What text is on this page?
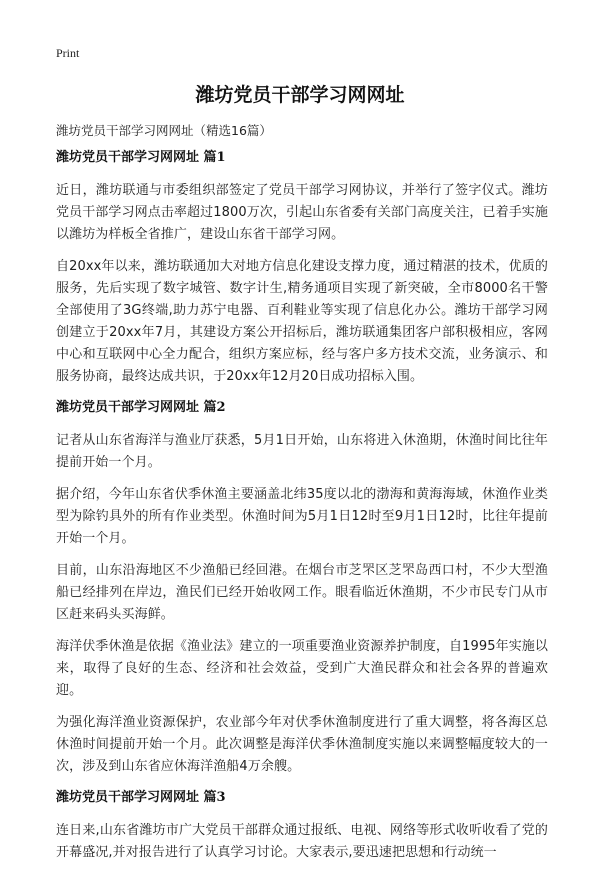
Print
潍坊党员干部学习网网址
潍坊党员干部学习网网址（精选16篇）
潍坊党员干部学习网网址 篇1

近日，潍坊联通与市委组织部签定了党员干部学习网协议，并举行了签字仪式。潍坊党员干部学习网点击率超过1800万次，引起山东省委有关部门高度关注，已着手实施以潍坊为样板全省推广，建设山东省干部学习网。

自20xx年以来，潍坊联通加大对地方信息化建设支撑力度，通过精湛的技术，优质的服务，先后实现了数字城管、数字计生,精务通项目实现了新突破，全市8000名干警全部使用了3G终端,助力苏宁电器、百利鞋业等实现了信息化办公。潍坊干部学习网创建立于20xx年7月，其建设方案公开招标后，潍坊联通集团客户部积极相应，客网中心和互联网中心全力配合，组织方案应标，经与客户多方技术交流，业务演示、和服务协商，最终达成共识，于20xx年12月20日成功招标入围。

潍坊党员干部学习网网址 篇2

记者从山东省海洋与渔业厅获悉，5月1日开始，山东将进入休渔期，休渔时间比往年提前开始一个月。

据介绍，今年山东省伏季休渔主要涵盖北纬35度以北的渤海和黄海海域，休渔作业类型为除钓具外的所有作业类型。休渔时间为5月1日12时至9月1日12时，比往年提前开始一个月。

目前，山东沿海地区不少渔船已经回港。在烟台市芝罘区芝罘岛西口村，不少大型渔船已经排列在岸边，渔民们已经开始收网工作。眼看临近休渔期，不少市民专门从市区赶来码头买海鲜。

海洋伏季休渔是依据《渔业法》建立的一项重要渔业资源养护制度，自1995年实施以来，取得了良好的生态、经济和社会效益，受到广大渔民群众和社会各界的普遍欢迎。

为强化海洋渔业资源保护，农业部今年对伏季休渔制度进行了重大调整，将各海区总休渔时间提前开始一个月。此次调整是海洋伏季休渔制度实施以来调整幅度较大的一次，涉及到山东省应休海洋渔船4万余艘。

潍坊党员干部学习网网址 篇3

连日来,山东省潍坊市广大党员干部群众通过报纸、电视、网络等形式收听收看了党的开幕盛况,并对报告进行了认真学习讨论。大家表示,要迅速把思想和行动统一
